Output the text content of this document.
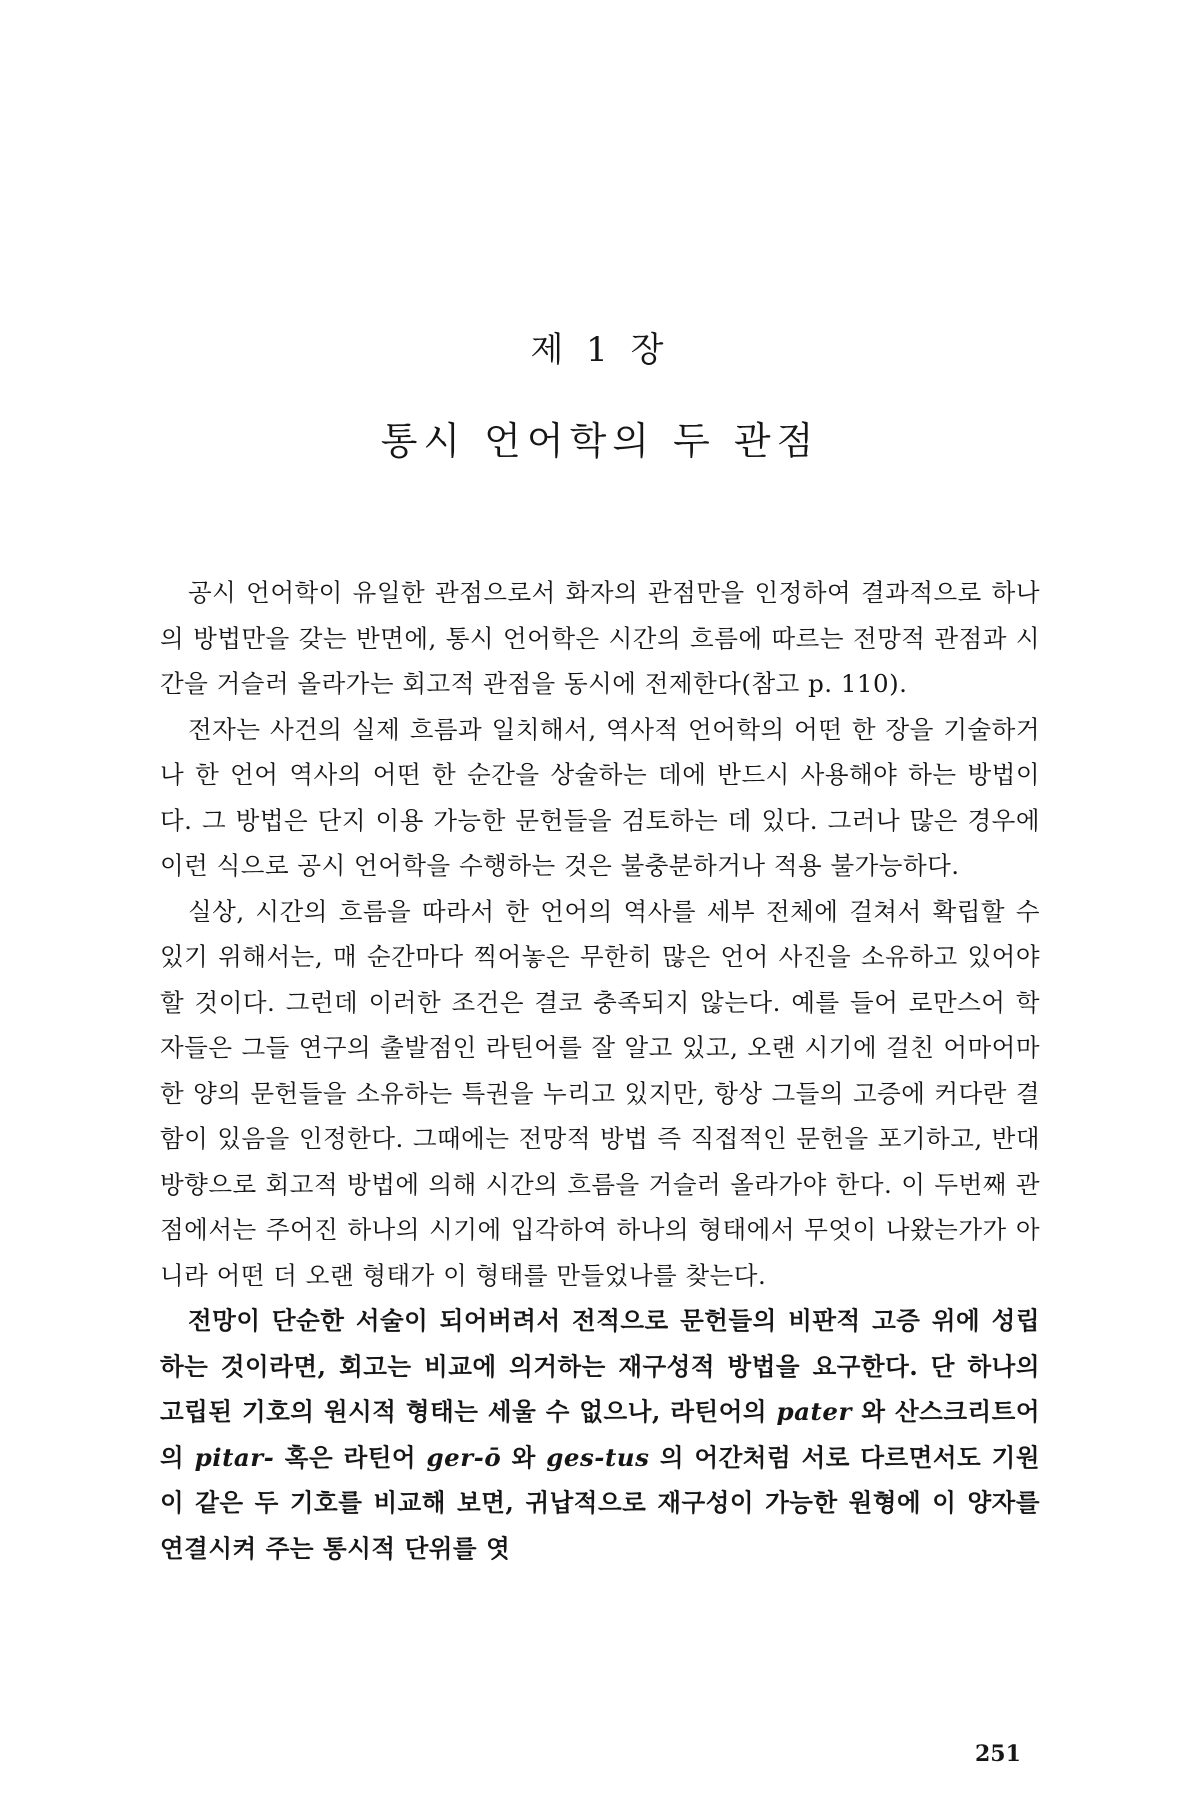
제 1 장
통시 언어학의 두 관점

공시 언어학이 유일한 관점으로서 화자의 관점만을 인정하여 결과적으로 하나의 방법만을 갖는 반면에, 통시 언어학은 시간의 흐름에 따르는 전망적 관점과 시간을 거슬러 올라가는 회고적 관점을 동시에 전제한다(참고 p. 110).

전자는 사건의 실제 흐름과 일치해서, 역사적 언어학의 어떤 한 장을 기술하거나 한 언어 역사의 어떤 한 순간을 상술하는 데에 반드시 사용해야 하는 방법이다. 그 방법은 단지 이용 가능한 문헌들을 검토하는 데 있다. 그러나 많은 경우에 이런 식으로 공시 언어학을 수행하는 것은 불충분하거나 적용 불가능하다.

실상, 시간의 흐름을 따라서 한 언어의 역사를 세부 전체에 걸쳐서 확립할 수 있기 위해서는, 매 순간마다 찍어놓은 무한히 많은 언어 사진을 소유하고 있어야 할 것이다. 그런데 이러한 조건은 결코 충족되지 않는다. 예를 들어 로만스어 학자들은 그들 연구의 출발점인 라틴어를 잘 알고 있고, 오랜 시기에 걸친 어마어마한 양의 문헌들을 소유하는 특권을 누리고 있지만, 항상 그들의 고증에 커다란 결함이 있음을 인정한다. 그때에는 전망적 방법 즉 직접적인 문헌을 포기하고, 반대 방향으로 회고적 방법에 의해 시간의 흐름을 거슬러 올라가야 한다. 이 두번째 관점에서는 주어진 하나의 시기에 입각하여 하나의 형태에서 무엇이 나왔는가가 아니라 어떤 더 오랜 형태가 이 형태를 만들었나를 찾는다.

전망이 단순한 서술이 되어버려서 전적으로 문헌들의 비판적 고증 위에 성립하는 것이라면, 회고는 비교에 의거하는 재구성적 방법을 요구한다. 단 하나의 고립된 기호의 원시적 형태는 세울 수 없으나, 라틴어의 pater 와 산스크리트어의 pitar- 혹은 라틴어 ger-ō 와 ges-tus 의 어간처럼 서로 다르면서도 기원이 같은 두 기호를 비교해 보면, 귀납적으로 재구성이 가능한 원형에 이 양자를 연결시켜 주는 통시적 단위를 엿

251
